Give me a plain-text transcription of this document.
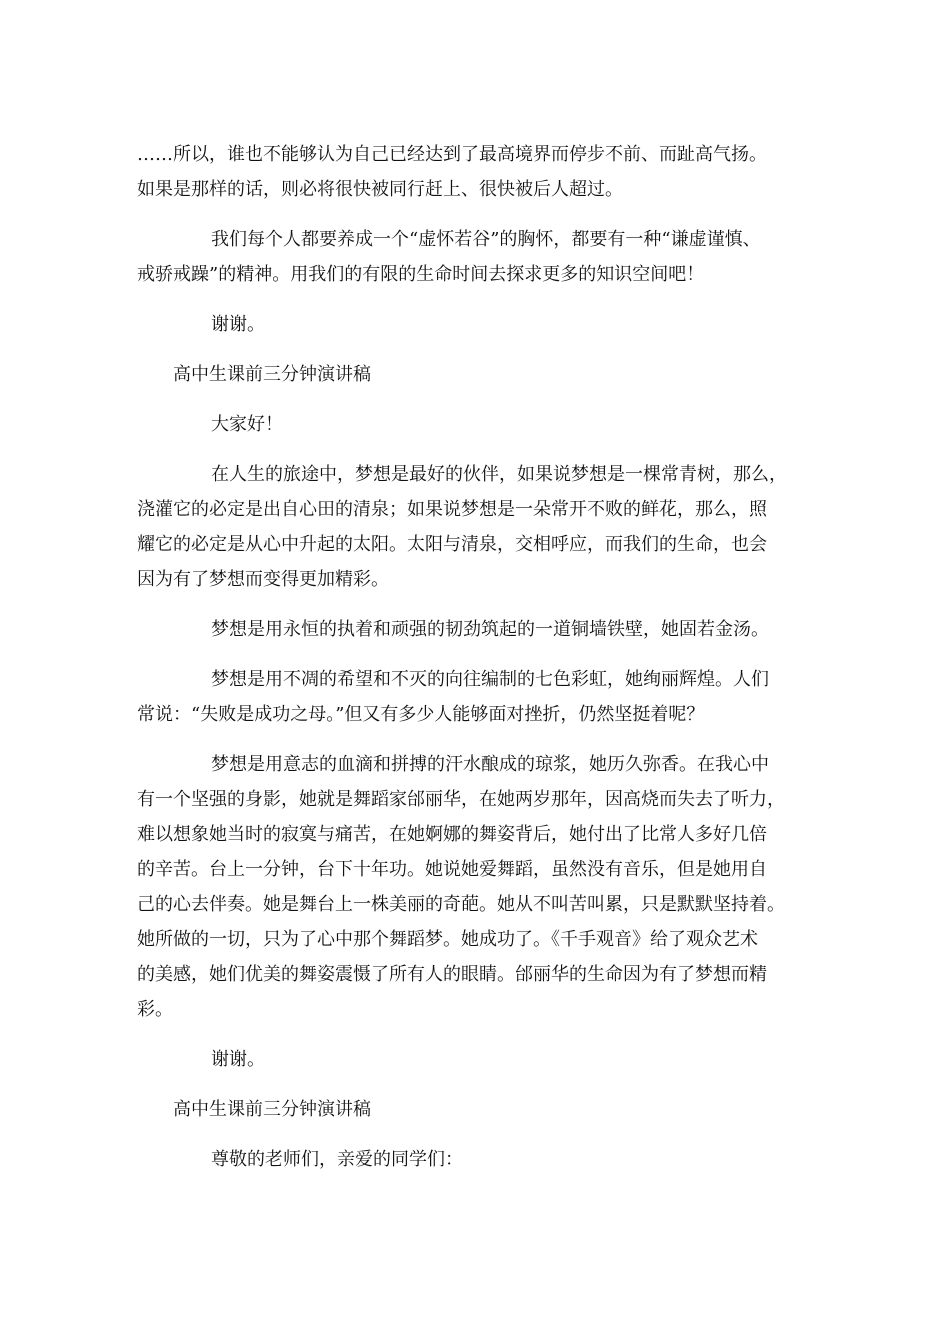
……所以，谁也不能够认为自己已经达到了最高境界而停步不前、而趾高气扬。
如果是那样的话，则必将很快被同行赶上、很快被后人超过。

我们每个人都要养成一个“虚怀若谷”的胸怀，都要有一种“谦虚谨慎、
戒骄戒躁”的精神。用我们的有限的生命时间去探求更多的知识空间吧！

谢谢。

高中生课前三分钟演讲稿

大家好！

在人生的旅途中，梦想是最好的伙伴，如果说梦想是一棵常青树，那么，
浇灌它的必定是出自心田的清泉；如果说梦想是一朵常开不败的鲜花，那么，照
耀它的必定是从心中升起的太阳。太阳与清泉，交相呼应，而我们的生命，也会
因为有了梦想而变得更加精彩。

梦想是用永恒的执着和顽强的韧劲筑起的一道铜墙铁壁，她固若金汤。

梦想是用不凋的希望和不灭的向往编制的七色彩虹，她绚丽辉煌。人们
常说：“失败是成功之母。”但又有多少人能够面对挫折，仍然坚挺着呢？

梦想是用意志的血滴和拼搏的汗水酿成的琼浆，她历久弥香。在我心中
有一个坚强的身影，她就是舞蹈家邰丽华，在她两岁那年，因高烧而失去了听力，
难以想象她当时的寂寞与痛苦，在她婀娜的舞姿背后，她付出了比常人多好几倍
的辛苦。台上一分钟，台下十年功。她说她爱舞蹈，虽然没有音乐，但是她用自
己的心去伴奏。她是舞台上一株美丽的奇葩。她从不叫苦叫累，只是默默坚持着。
她所做的一切，只为了心中那个舞蹈梦。她成功了。《千手观音》给了观众艺术
的美感，她们优美的舞姿震慑了所有人的眼睛。邰丽华的生命因为有了梦想而精
彩。

谢谢。

高中生课前三分钟演讲稿

尊敬的老师们，亲爱的同学们：
